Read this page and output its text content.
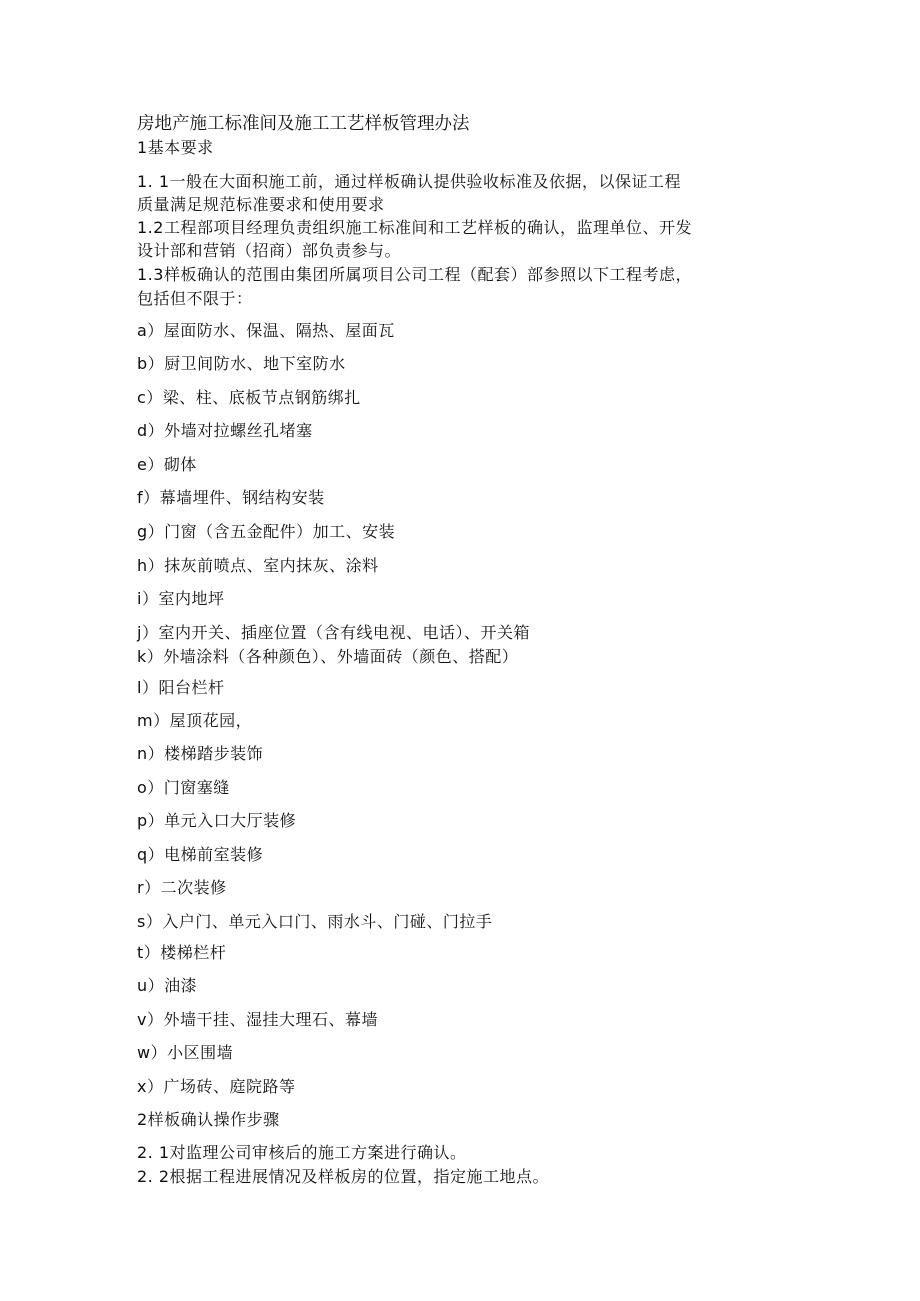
房地产施工标准间及施工工艺样板管理办法
1基本要求
1. 1一般在大面积施工前，通过样板确认提供验收标准及依据，以保证工程
质量满足规范标准要求和使用要求
1.2工程部项目经理负责组织施工标准间和工艺样板的确认，监理单位、开发
设计部和营销（招商）部负责参与。
1.3样板确认的范围由集团所属项目公司工程（配套）部参照以下工程考虑，
包括但不限于：
a）屋面防水、保温、隔热、屋面瓦
b）厨卫间防水、地下室防水
c）梁、柱、底板节点钢筋绑扎
d）外墙对拉螺丝孔堵塞
e）砌体
f）幕墙埋件、钢结构安装
g）门窗（含五金配件）加工、安装
h）抹灰前喷点、室内抹灰、涂料
i）室内地坪
j）室内开关、插座位置（含有线电视、电话）、开关箱
k）外墙涂料（各种颜色）、外墙面砖（颜色、搭配）
l）阳台栏杆
m）屋顶花园，
n）楼梯踏步装饰
o）门窗塞缝
p）单元入口大厅装修
q）电梯前室装修
r）二次装修
s）入户门、单元入口门、雨水斗、门碰、门拉手
t）楼梯栏杆
u）油漆
v）外墙干挂、湿挂大理石、幕墙
w）小区围墙
x）广场砖、庭院路等
2样板确认操作步骤
2. 1对监理公司审核后的施工方案进行确认。
2. 2根据工程进展情况及样板房的位置，指定施工地点。
